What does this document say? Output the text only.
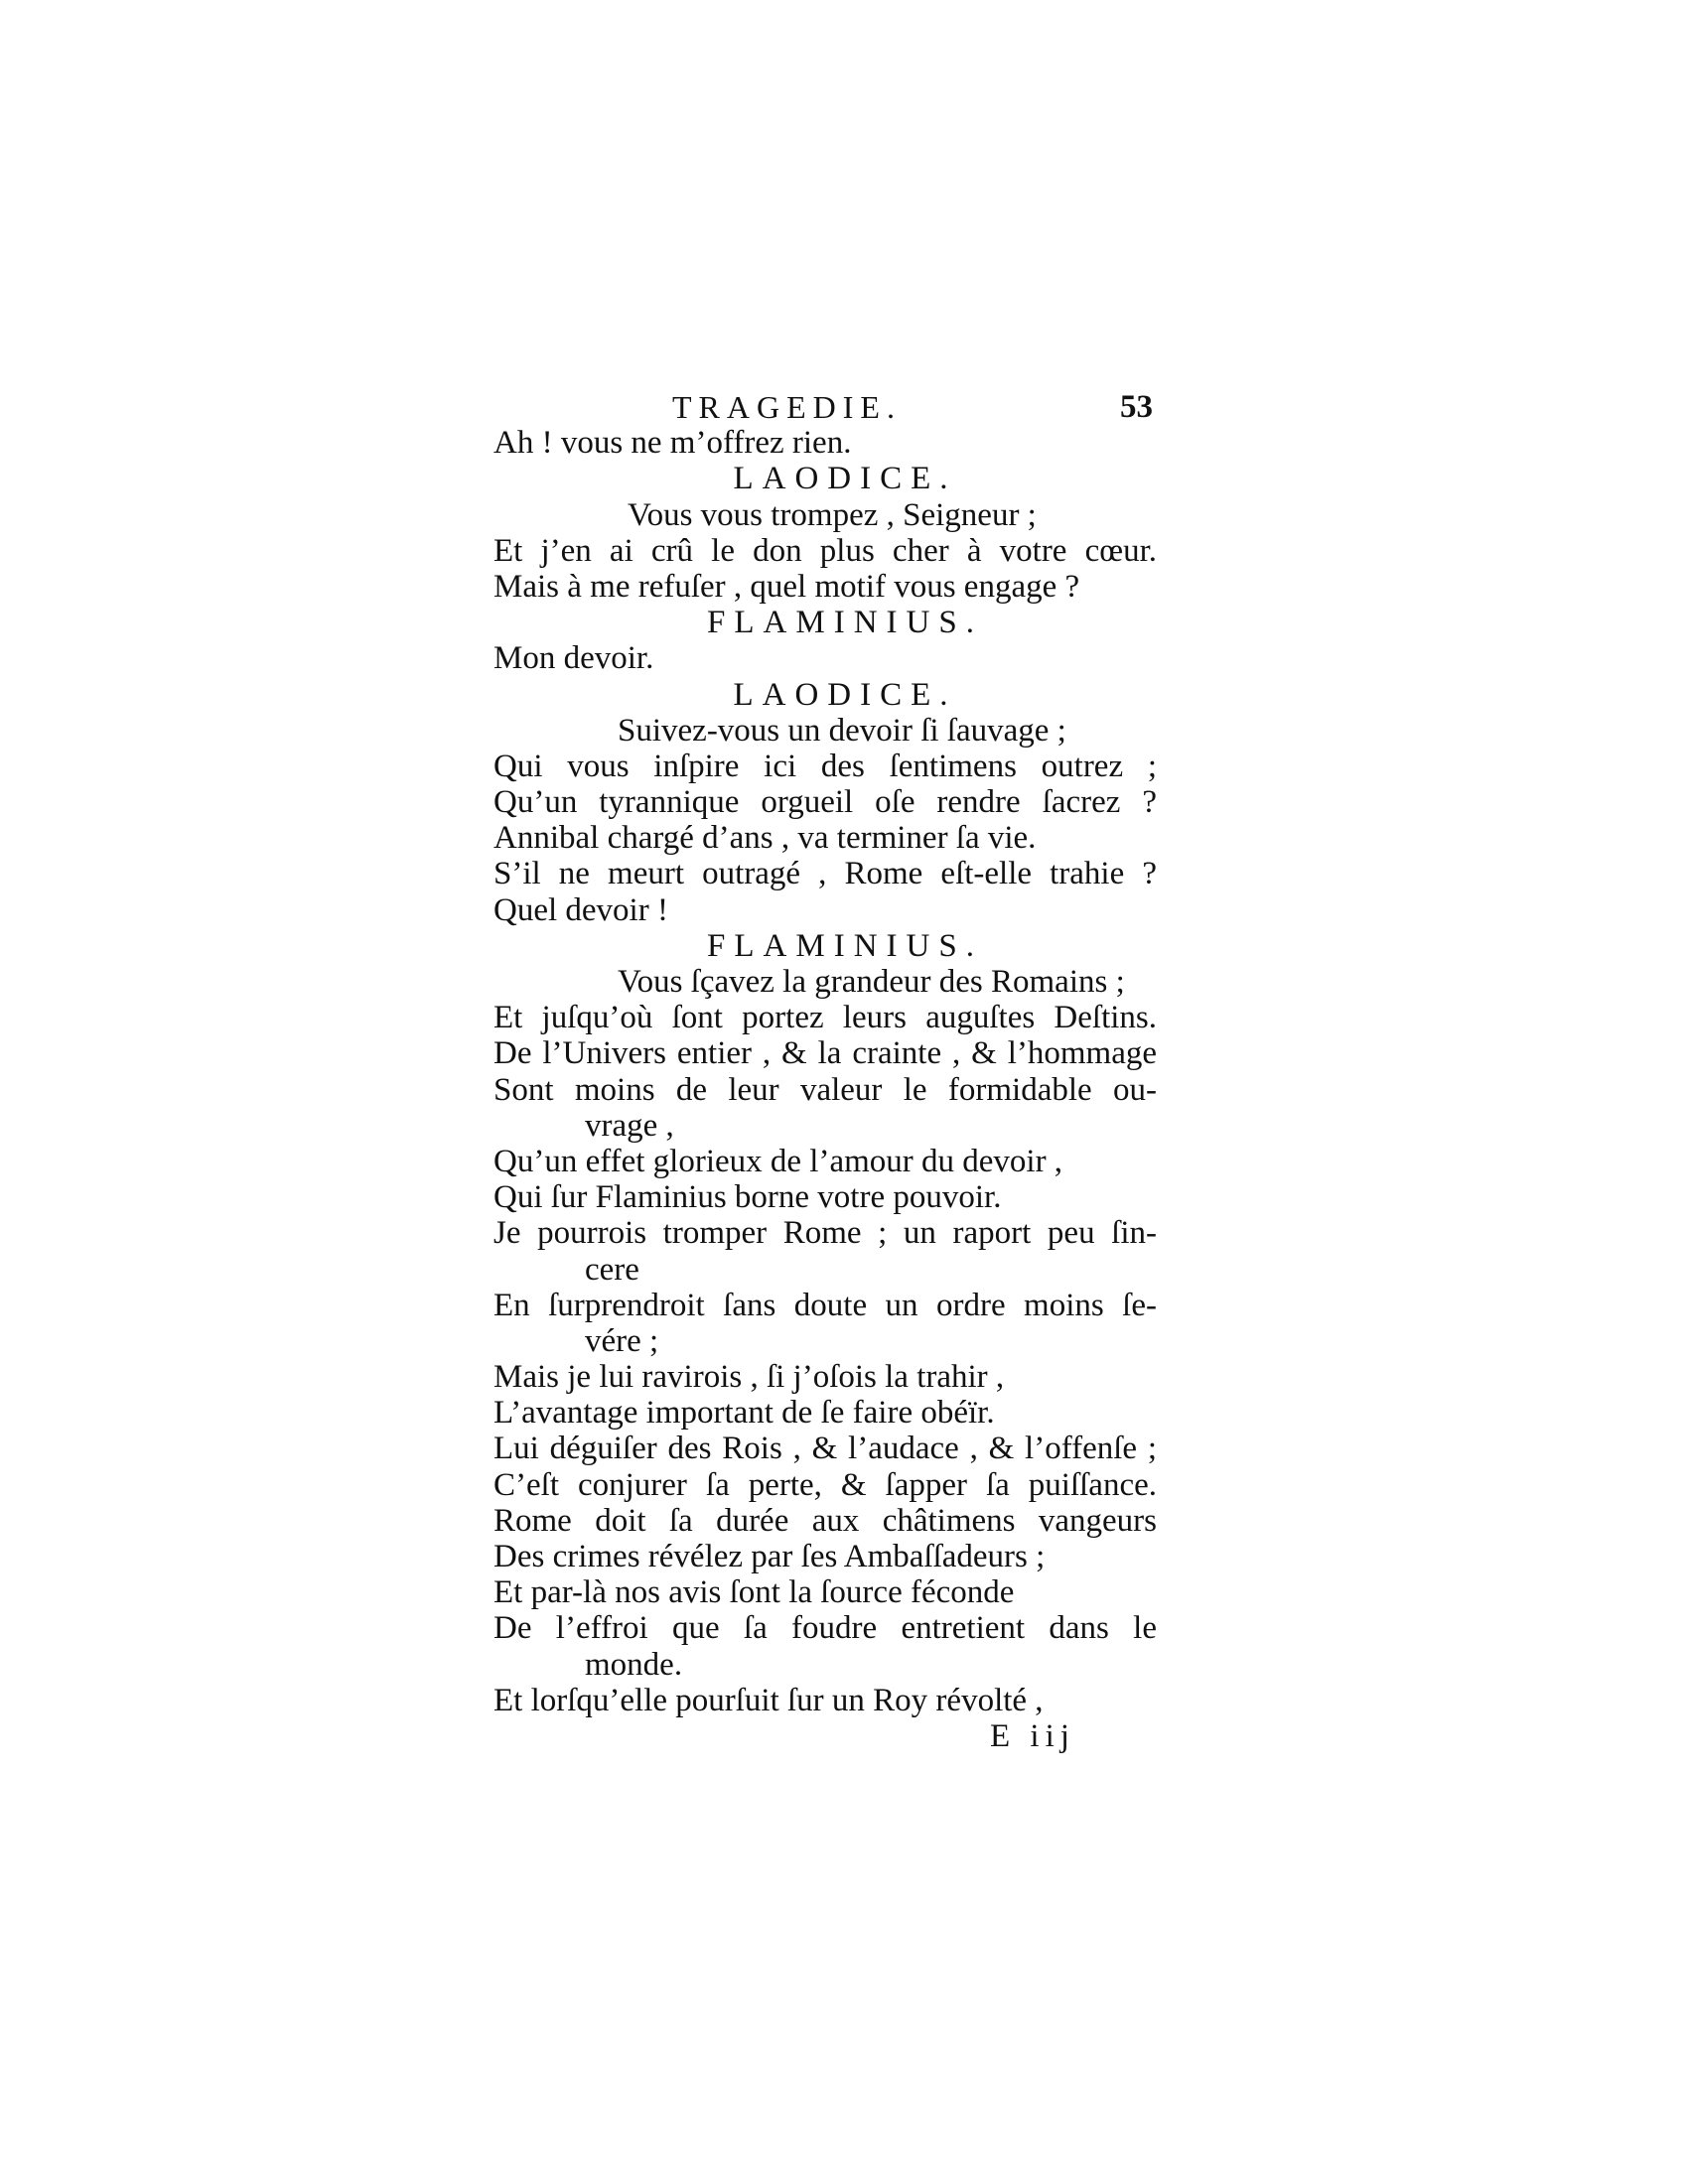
TRAGEDIE.	53
Ah ! vous ne m’offrez rien.
LAODICE.
Vous vous trompez , Seigneur ;
Et j’en ai crû le don plus cher à votre cœur.
Mais à me refuſer , quel motif vous engage ?
FLAMINIUS.
Mon devoir.
LAODICE.
Suivez-vous un devoir ſi ſauvage ;
Qui vous inſpire ici des ſentimens outrez ;
Qu’un tyrannique orgueil oſe rendre ſacrez ?
Annibal chargé d’ans , va terminer ſa vie.
S’il ne meurt outragé , Rome eſt-elle trahie ?
Quel devoir !
FLAMINIUS.
Vous ſçavez la grandeur des Romains ;
Et juſqu’où ſont portez leurs auguſtes Deſtins.
De l’Univers entier , & la crainte , & l’hommage
Sont moins de leur valeur le formidable ou-
vrage ,
Qu’un effet glorieux de l’amour du devoir ,
Qui ſur Flaminius borne votre pouvoir.
Je pourrois tromper Rome ; un raport peu ſin-
cere
En ſurprendroit ſans doute un ordre moins ſe-
vére ;
Mais je lui ravirois , ſi j’oſois la trahir ,
L’avantage important de ſe faire obéïr.
Lui déguiſer des Rois , & l’audace , & l’offenſe ;
C’eſt conjurer ſa perte, & ſapper ſa puiſſance.
Rome doit ſa durée aux châtimens vangeurs
Des crimes révélez par ſes Ambaſſadeurs ;
Et par-là nos avis ſont la ſource féconde
De l’effroi que ſa foudre entretient dans le
monde.
Et lorſqu’elle pourſuit ſur un Roy révolté ,
E iij
